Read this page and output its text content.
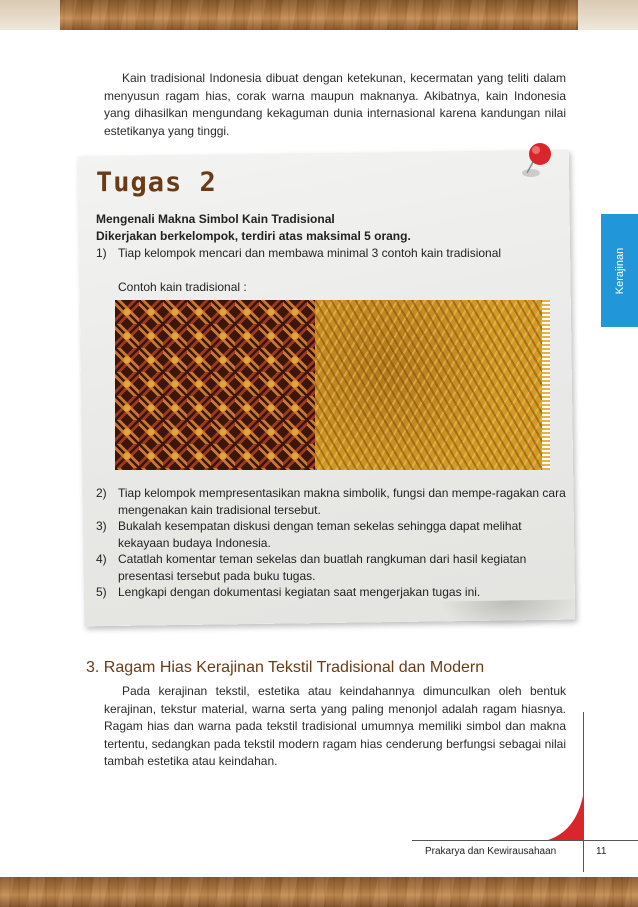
Kain tradisional Indonesia dibuat dengan ketekunan, kecermatan yang teliti dalam menyusun ragam hias, corak warna maupun maknanya. Akibatnya, kain Indonesia yang dihasilkan mengundang kekaguman dunia internasional karena kandungan nilai estetikanya yang tinggi.

Tugas 2
Mengenali Makna Simbol Kain Tradisional
Dikerjakan berkelompok, terdiri atas maksimal 5 orang.
1) Tiap kelompok mencari dan membawa minimal 3 contoh kain tradisional
Contoh kain tradisional :
2) Tiap kelompok mempresentasikan makna simbolik, fungsi dan mempe-ragakan cara mengenakan kain tradisional tersebut.
3) Bukalah kesempatan diskusi dengan teman sekelas sehingga dapat melihat kekayaan budaya Indonesia.
4) Catatlah komentar teman sekelas dan buatlah rangkuman dari hasil kegiatan presentasi tersebut pada buku tugas.
5) Lengkapi dengan dokumentasi kegiatan saat mengerjakan tugas ini.
3. Ragam Hias Kerajinan Tekstil Tradisional dan Modern

Pada kerajinan tekstil, estetika atau keindahannya dimunculkan oleh bentuk kerajinan, tekstur material, warna serta yang paling menonjol adalah ragam hiasnya. Ragam hias dan warna pada tekstil tradisional umumnya memiliki simbol dan makna tertentu, sedangkan pada tekstil modern ragam hias cenderung berfungsi sebagai nilai tambah estetika atau keindahan.

Kerajinan
Prakarya dan Kewirausahaan	11
